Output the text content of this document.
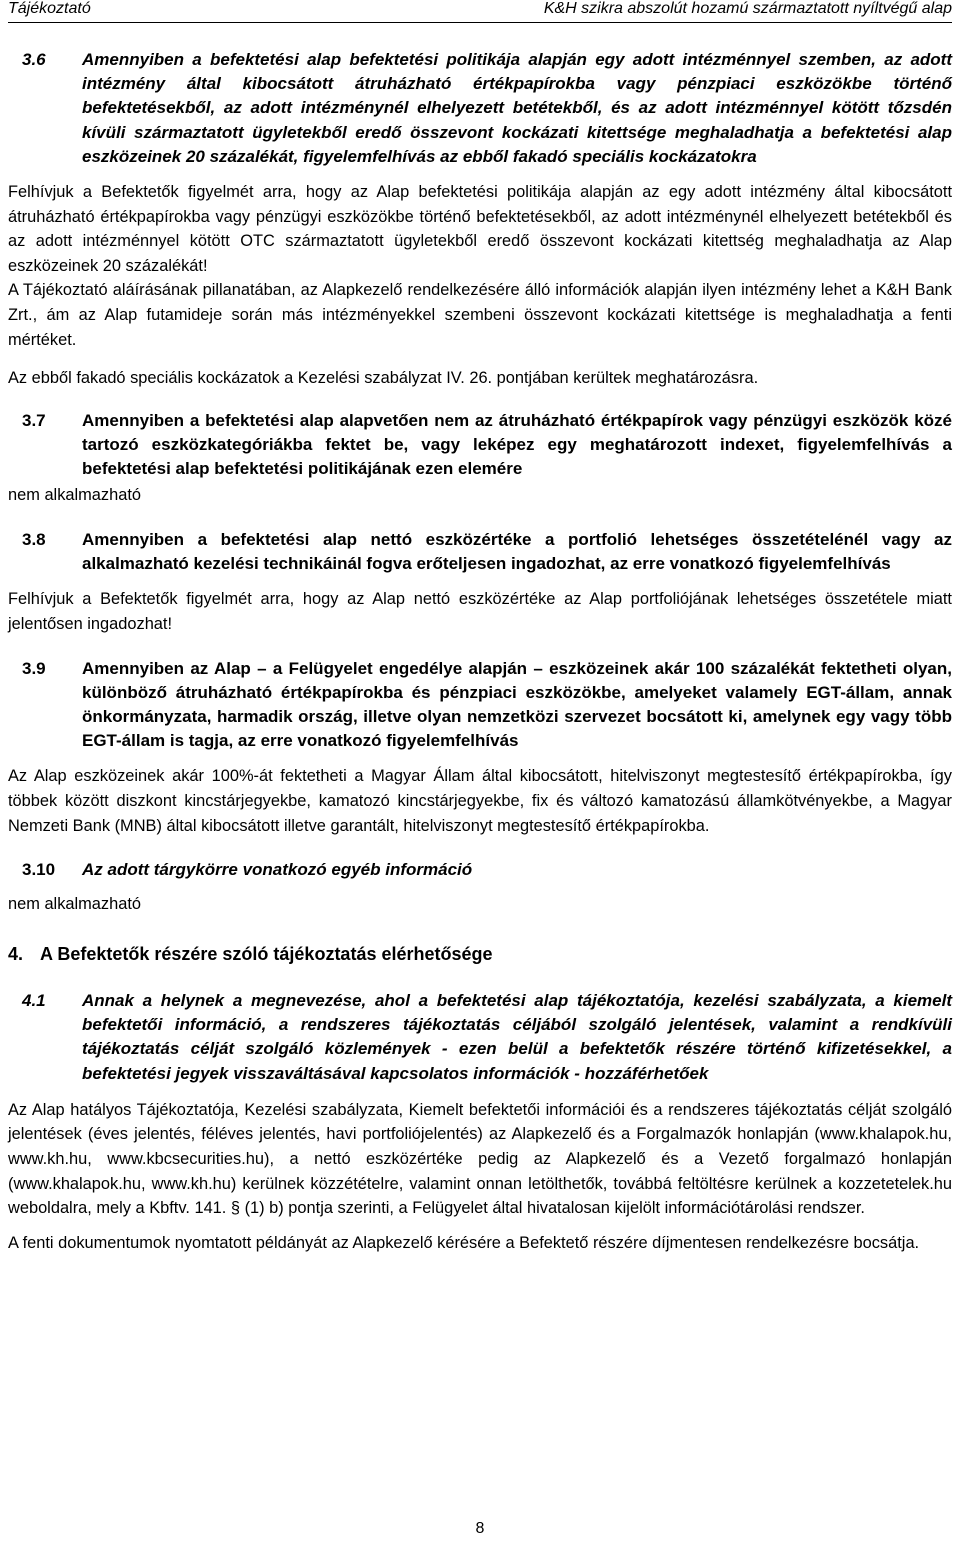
Tájékoztató	K&H szikra abszolút hozamú származtatott nyíltvégű alap
3.6	Amennyiben a befektetési alap befektetési politikája alapján egy adott intézménnyel szemben, az adott intézmény által kibocsátott átruházható értékpapírokba vagy pénzpiaci eszközökbe történő befektetésekből, az adott intézménynél elhelyezett betétekből, és az adott intézménnyel kötött tőzsdén kívüli származtatott ügyletekből eredő összevont kockázati kitettsége meghaladhatja a befektetési alap eszközeinek 20 százalékát, figyelemfelhívás az ebből fakadó speciális kockázatokra

Felhívjuk a Befektetők figyelmét arra, hogy az Alap befektetési politikája alapján az egy adott intézmény által kibocsátott átruházható értékpapírokba vagy pénzügyi eszközökbe történő befektetésekből, az adott intézménynél elhelyezett betétekből és az adott intézménnyel kötött OTC származtatott ügyletekből eredő összevont kockázati kitettség meghaladhatja az Alap eszközeinek 20 százalékát!

A Tájékoztató aláírásának pillanatában, az Alapkezelő rendelkezésére álló információk alapján ilyen intézmény lehet a K&H Bank Zrt., ám az Alap futamideje során más intézményekkel szembeni összevont kockázati kitettsége is meghaladhatja a fenti mértéket.

Az ebből fakadó speciális kockázatok a Kezelési szabályzat IV. 26. pontjában kerültek meghatározásra.

3.7	Amennyiben a befektetési alap alapvetően nem az átruházható értékpapírok vagy pénzügyi eszközök közé tartozó eszközkategóriákba fektet be, vagy leképez egy meghatározott indexet, figyelemfelhívás a befektetési alap befektetési politikájának ezen elemére

nem alkalmazható

3.8	Amennyiben a befektetési alap nettó eszközértéke a portfolió lehetséges összetételénél vagy az alkalmazható kezelési technikáinál fogva erőteljesen ingadozhat, az erre vonatkozó figyelemfelhívás

Felhívjuk a Befektetők figyelmét arra, hogy az Alap nettó eszközértéke az Alap portfoliójának lehetséges összetétele miatt jelentősen ingadozhat!

3.9	Amennyiben az Alap – a Felügyelet engedélye alapján – eszközeinek akár 100 százalékát fektetheti olyan, különböző átruházható értékpapírokba és pénzpiaci eszközökbe, amelyeket valamely EGT-állam, annak önkormányzata, harmadik ország, illetve olyan nemzetközi szervezet bocsátott ki, amelynek egy vagy több EGT-állam is tagja, az erre vonatkozó figyelemfelhívás

Az Alap eszközeinek akár 100%-át fektetheti a Magyar Állam által kibocsátott, hitelviszonyt megtestesítő értékpapírokba, így többek között diszkont kincstárjegyekbe, kamatozó kincstárjegyekbe, fix és változó kamatozású államkötvényekbe, a Magyar Nemzeti Bank (MNB) által kibocsátott illetve garantált, hitelviszonyt megtestesítő értékpapírokba.

3.10	Az adott tárgykörre vonatkozó egyéb információ

nem alkalmazható

4. A Befektetők részére szóló tájékoztatás elérhetősége
4.1	Annak a helynek a megnevezése, ahol a befektetési alap tájékoztatója, kezelési szabályzata, a kiemelt befektetői információ, a rendszeres tájékoztatás céljából szolgáló jelentések, valamint a rendkívüli tájékoztatás célját szolgáló közlemények - ezen belül a befektetők részére történő kifizetésekkel, a befektetési jegyek visszaváltásával kapcsolatos információk - hozzáférhetőek

Az Alap hatályos Tájékoztatója, Kezelési szabályzata, Kiemelt befektetői információi és a rendszeres tájékoztatás célját szolgáló jelentések (éves jelentés, féléves jelentés, havi portfoliójelentés) az Alapkezelő és a Forgalmazók honlapján (www.khalapok.hu, www.kh.hu, www.kbcsecurities.hu), a nettó eszközértéke pedig az Alapkezelő és a Vezető forgalmazó honlapján (www.khalapok.hu, www.kh.hu) kerülnek közzétételre, valamint onnan letölthetők, továbbá feltöltésre kerülnek a kozzetetelek.hu weboldalra, mely a Kbftv. 141. § (1) b) pontja szerinti, a Felügyelet által hivatalosan kijelölt információtárolási rendszer.

A fenti dokumentumok nyomtatott példányát az Alapkezelő kérésére a Befektető részére díjmentesen rendelkezésre bocsátja.

8
